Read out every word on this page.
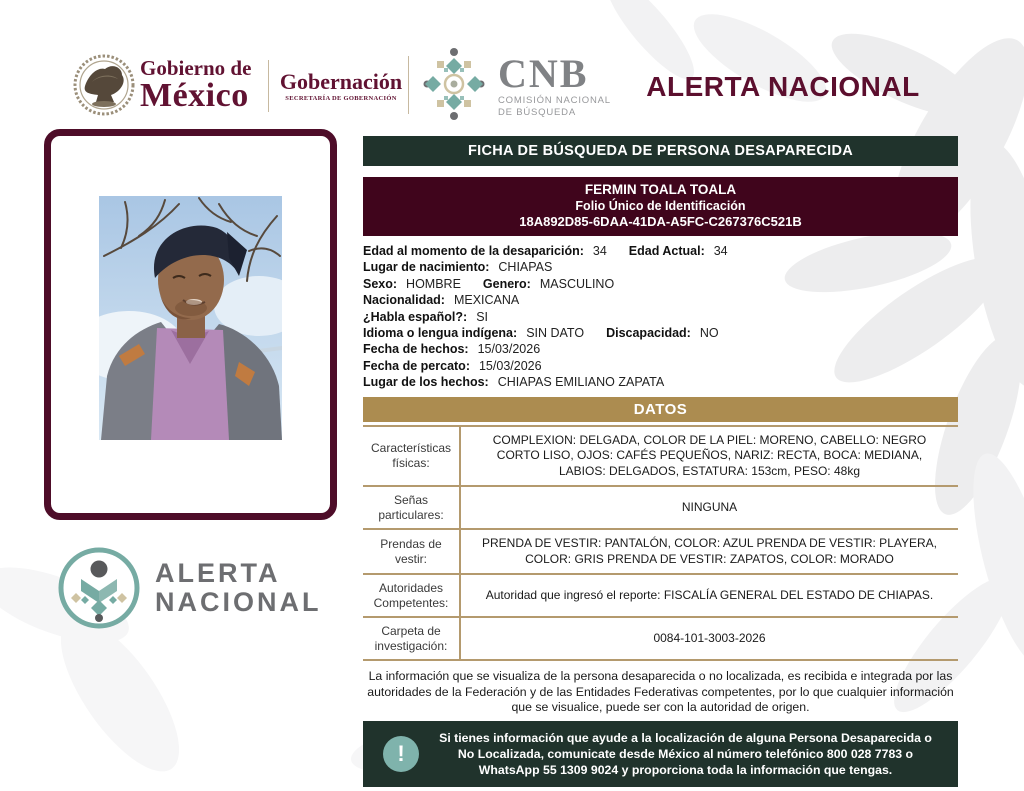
Gobierno de
México Gobernación
SECRETARÍA DE GOBERNACIÓN
CNB
COMISIÓN NACIONAL
DE BÚSQUEDA
ALERTA NACIONAL
ALERTA
NACIONAL
FICHA DE BÚSQUEDA DE PERSONA DESAPARECIDA
FERMIN TOALA TOALA
Folio Único de Identificación
18A892D85-6DAA-41DA-A5FC-C267376C521B
Edad al momento de la desaparición: 34 Edad Actual: 34
Lugar de nacimiento: CHIAPAS
Sexo: HOMBRE Genero: MASCULINO
Nacionalidad: MEXICANA
¿Habla español?: SI
Idioma o lengua indígena: SIN DATO Discapacidad: NO
Fecha de hechos: 15/03/2026
Fecha de percato: 15/03/2026
Lugar de los hechos: CHIAPAS EMILIANO ZAPATA
DATOS
Características físicas:
COMPLEXION: DELGADA, COLOR DE LA PIEL: MORENO, CABELLO: NEGRO CORTO LISO, OJOS: CAFÉS PEQUEÑOS, NARIZ: RECTA, BOCA: MEDIANA, LABIOS: DELGADOS, ESTATURA: 153cm, PESO: 48kg
Señas particulares:
NINGUNA
Prendas de vestir:
PRENDA DE VESTIR: PANTALÓN, COLOR: AZUL PRENDA DE VESTIR: PLAYERA, COLOR: GRIS PRENDA DE VESTIR: ZAPATOS, COLOR: MORADO
Autoridades Competentes:
Autoridad que ingresó el reporte: FISCALÍA GENERAL DEL ESTADO DE CHIAPAS.
Carpeta de investigación:
0084-101-3003-2026
La información que se visualiza de la persona desaparecida o no localizada, es recibida e integrada por las autoridades de la Federación y de las Entidades Federativas competentes, por lo que cualquier información que se visualice, puede ser con la autoridad de origen.
!
Si tienes información que ayude a la localización de alguna Persona Desaparecida o No Localizada, comunicate desde México al número telefónico 800 028 7783 o WhatsApp 55 1309 9024 y proporciona toda la información que tengas.
